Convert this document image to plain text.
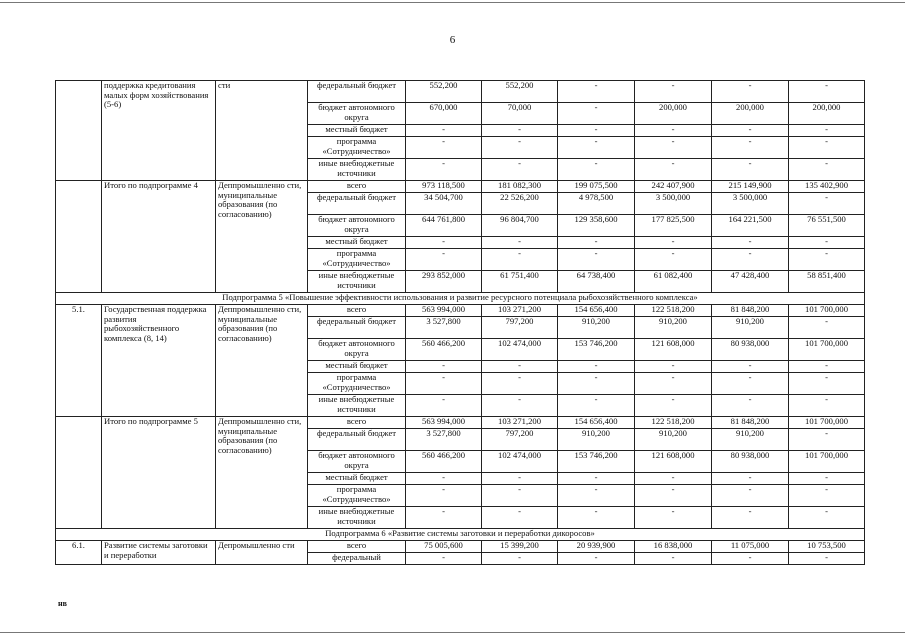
6
	поддержка кредитования малых форм хозяйствования (5-6)	сти	федеральный бюджет	552,200	552,200	-	-	-	-
			бюджет автономного округа	670,000	70,000	-	200,000	200,000	200,000
			местный бюджет	-	-	-	-	-	-
			программа «Сотрудничество»	-	-	-	-	-	-
			иные внебюджетные источники	-	-	-	-	-	-
	Итого по подпрограмме 4	Деппромышленно сти, муниципальные образования (по согласованию)	всего	973 118,500	181 082,300	199 075,500	242 407,900	215 149,900	135 402,900
			федеральный бюджет	34 504,700	22 526,200	4 978,500	3 500,000	3 500,000	-
			бюджет автономного округа	644 761,800	96 804,700	129 358,600	177 825,500	164 221,500	76 551,500
			местный бюджет	-	-	-	-	-	-
			программа «Сотрудничество»	-	-	-	-	-	-
			иные внебюджетные источники	293 852,000	61 751,400	64 738,400	61 082,400	47 428,400	58 851,400
Подпрограмма 5 «Повышение эффективности использования и развитие ресурсного потенциала рыбохозяйственного комплекса»									
5.1.	Государственная поддержка развития рыбохозяйственного комплекса (8, 14)	Деппромышленно сти, муниципальные образования (по согласованию)	всего	563 994,000	103 271,200	154 656,400	122 518,200	81 848,200	101 700,000
			федеральный бюджет	3 527,800	797,200	910,200	910,200	910,200	-
			бюджет автономного округа	560 466,200	102 474,000	153 746,200	121 608,000	80 938,000	101 700,000
			местный бюджет	-	-	-	-	-	-
			программа «Сотрудничество»	-	-	-	-	-	-
			иные внебюджетные источники	-	-	-	-	-	-
	Итого по подпрограмме 5	Деппромышленно сти, муниципальные образования (по согласованию)	всего	563 994,000	103 271,200	154 656,400	122 518,200	81 848,200	101 700,000
			федеральный бюджет	3 527,800	797,200	910,200	910,200	910,200	-
			бюджет автономного округа	560 466,200	102 474,000	153 746,200	121 608,000	80 938,000	101 700,000
			местный бюджет	-	-	-	-	-	-
			программа «Сотрудничество»	-	-	-	-	-	-
			иные внебюджетные источники	-	-	-	-	-	-
Подпрограмма 6 «Развитие системы заготовки и переработки дикоросов»									
6.1.	Развитие системы заготовки и переработки	Депромышленно сти	всего	75 005,600	15 399,200	20 939,900	16 838,000	11 075,000	10 753,500
			федеральный	-	-	-	-	-	-
нв
